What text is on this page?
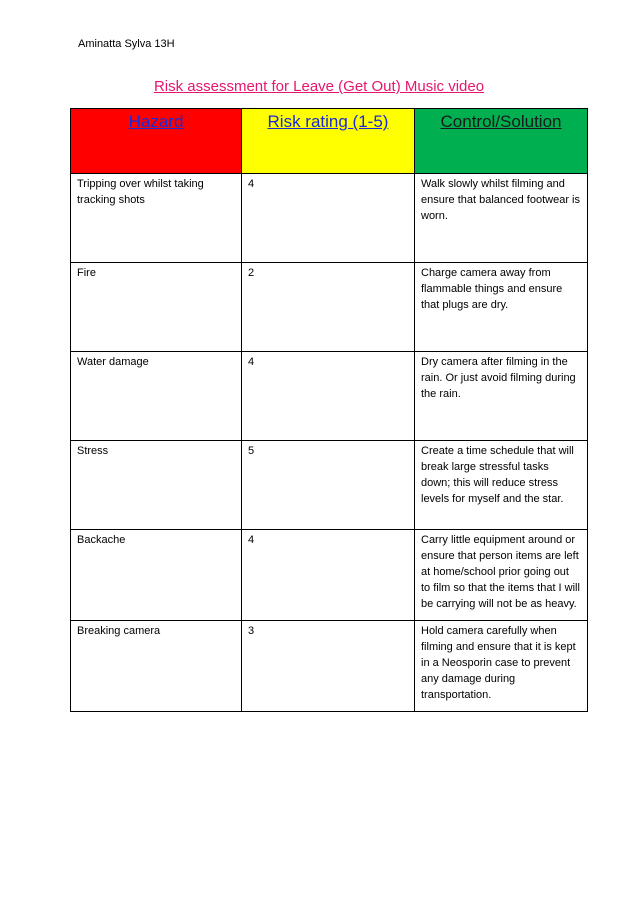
Aminatta Sylva 13H
Risk assessment for Leave (Get Out) Music video
Hazard	Risk rating (1-5)	Control/Solution

Tripping over whilst taking tracking shots	4	Walk slowly whilst filming and ensure that balanced footwear is worn.

Fire	2	Charge camera away from flammable things and ensure that plugs are dry.

Water damage	4	Dry camera after filming in the rain. Or just avoid filming during the rain.

Stress	5	Create a time schedule that will break large stressful tasks down; this will reduce stress levels for myself and the star.

Backache	4	Carry little equipment around or ensure that person items are left at home/school prior going out to film so that the items that I will be carrying will not be as heavy.

Breaking camera	3	Hold camera carefully when filming and ensure that it is kept in a Neosporin case to prevent any damage during transportation.
